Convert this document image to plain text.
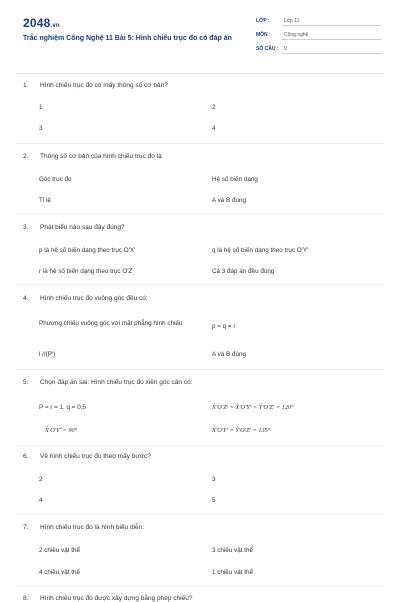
2048.vn
Trắc nghiệm Công Nghệ 11 Bài 5: Hình chiếu trục đo có đáp án
LỚP :	Lớp 11
MÔN :	Công nghệ
SỐ CÂU : 9
1. Hình chiếu trục đo có mấy thông số cơ bản?
1	2
3	4
2. Thông số cơ bản của hình chiếu trục đo là
Góc trục đo	Hệ số biến dạng
Tỉ lệ	A và B đúng
3. Phát biểu nào sau đây đúng?
p là hệ số biến dạng theo trục O'X'	q là hệ số biến dạng theo trục O'Y'
r là hệ số biến dạng theo trục O'Z'	Cả 3 đáp án đều đúng
4. Hình chiếu trục đo vuông góc đều có:
Phương chiếu vuông góc với mặt phẳng hình chiếu	p = q = r
l //(P')	A và B đúng
5. Chọn đáp án sai: Hình chiếu trục đo xiên góc cân có:
P = r = 1, q = 0,5	X̂'O'Z' = X̂'O'Y' = Ŷ'O'Z' = 120°
X̂'O'Y' = 90°	X̂'O'Y' = Ŷ'O'Z' = 135°
6. Vẽ hình chiếu trục đo theo mấy bước?
2	3
4	5
7. Hình chiếu trục đo là hình biểu diễn:
2 chiều vật thể	3 chiều vật thể
4 chiều vật thể	1 chiều vật thể
8. Hình chiếu trục đo được xây dựng bằng phép chiếu?
